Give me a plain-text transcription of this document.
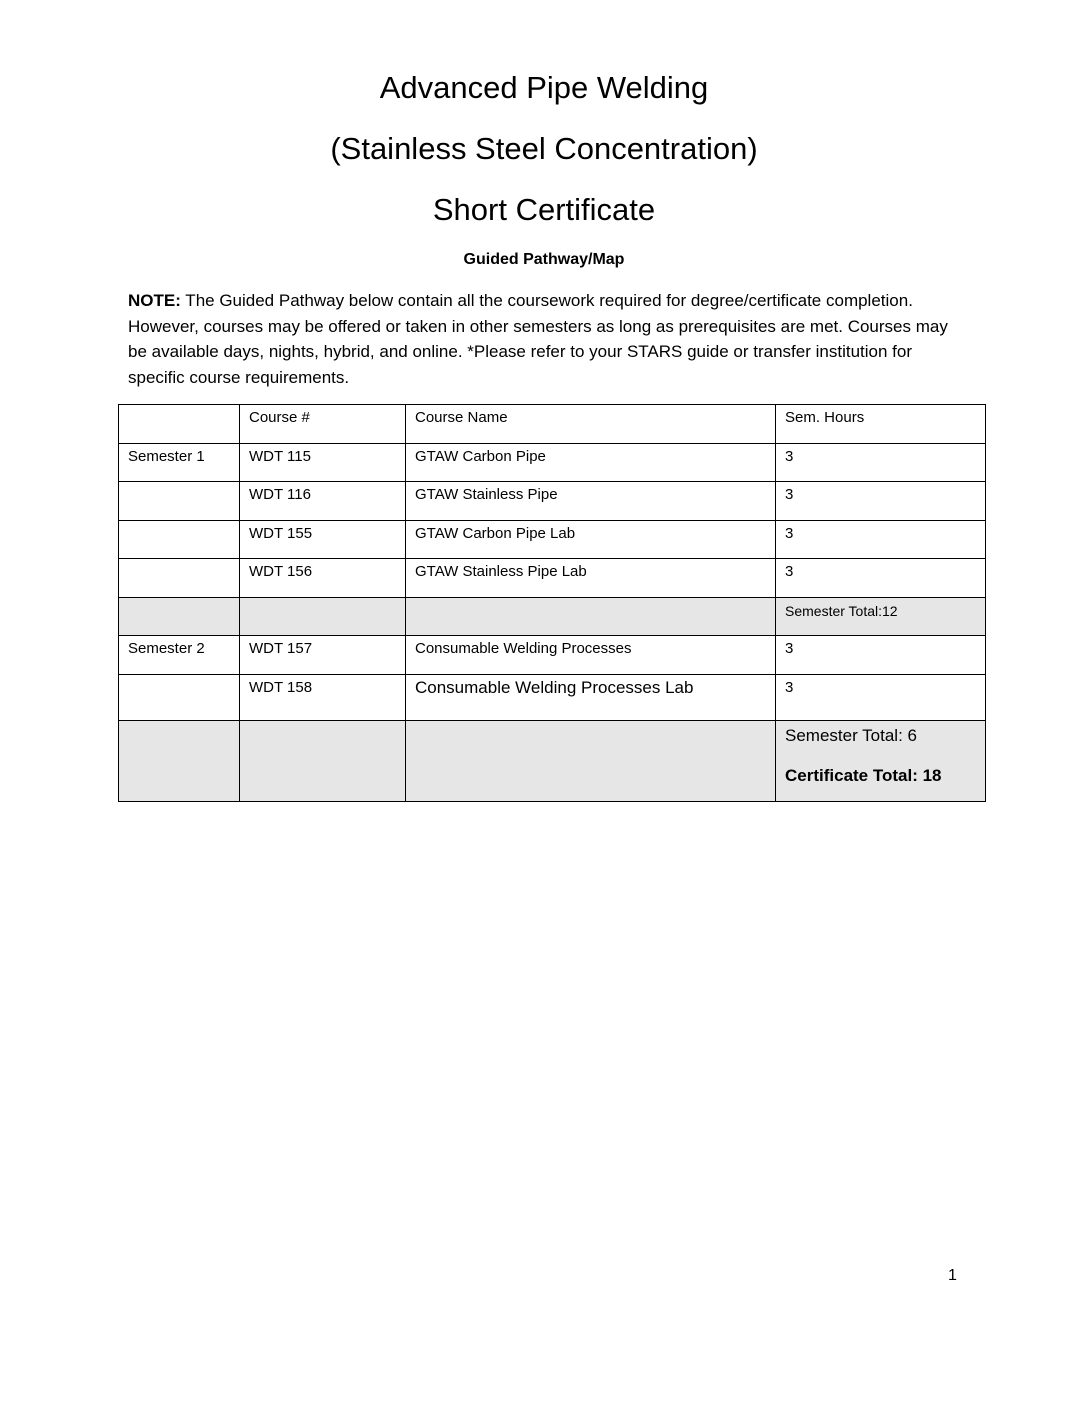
Advanced Pipe Welding
(Stainless Steel Concentration)
Short Certificate
Guided Pathway/Map
NOTE: The Guided Pathway below contain all the coursework required for degree/certificate completion. However, courses may be offered or taken in other semesters as long as prerequisites are met. Courses may be available days, nights, hybrid, and online. *Please refer to your STARS guide or transfer institution for specific course requirements.
	Course #	Course Name	Sem. Hours
Semester 1	WDT 115	GTAW Carbon Pipe	3
	WDT 116	GTAW Stainless Pipe	3
	WDT 155	GTAW Carbon Pipe Lab	3
	WDT 156	GTAW Stainless Pipe Lab	3
			Semester Total:12
Semester 2	WDT 157	Consumable Welding Processes	3
	WDT 158	Consumable Welding Processes Lab	3

			Semester Total: 6
Certificate Total: 18
1
